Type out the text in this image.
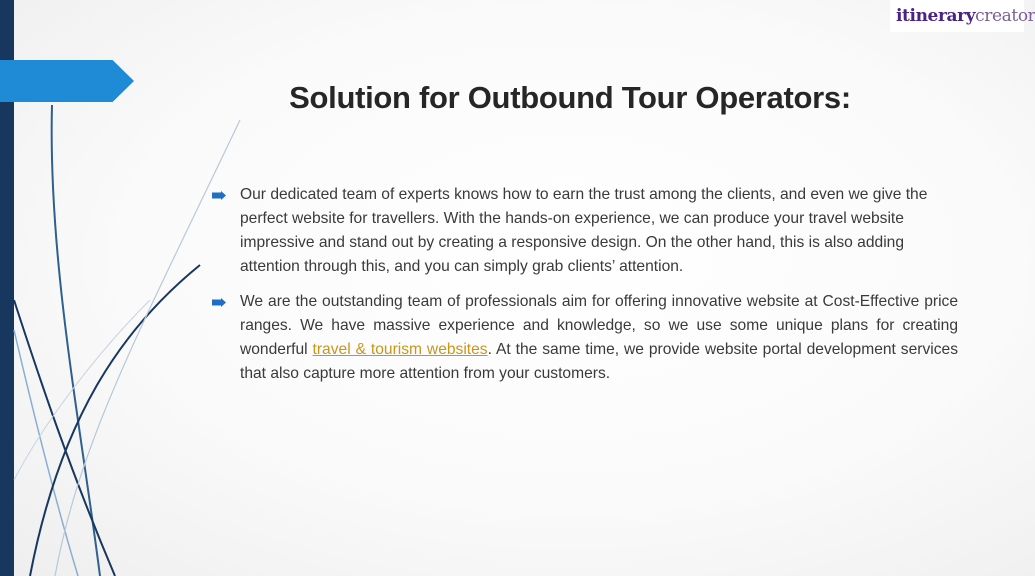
itinerarycreator
Solution for Outbound Tour Operators:
Our dedicated team of experts knows how to earn the trust among the clients, and even we give the perfect website for travellers. With the hands-on experience, we can produce your travel website impressive and stand out by creating a responsive design. On the other hand, this is also adding attention through this, and you can simply grab clients’ attention.
We are the outstanding team of professionals aim for offering innovative website at Cost-Effective price ranges. We have massive experience and knowledge, so we use some unique plans for creating wonderful travel & tourism websites. At the same time, we provide website portal development services that also capture more attention from your customers.
